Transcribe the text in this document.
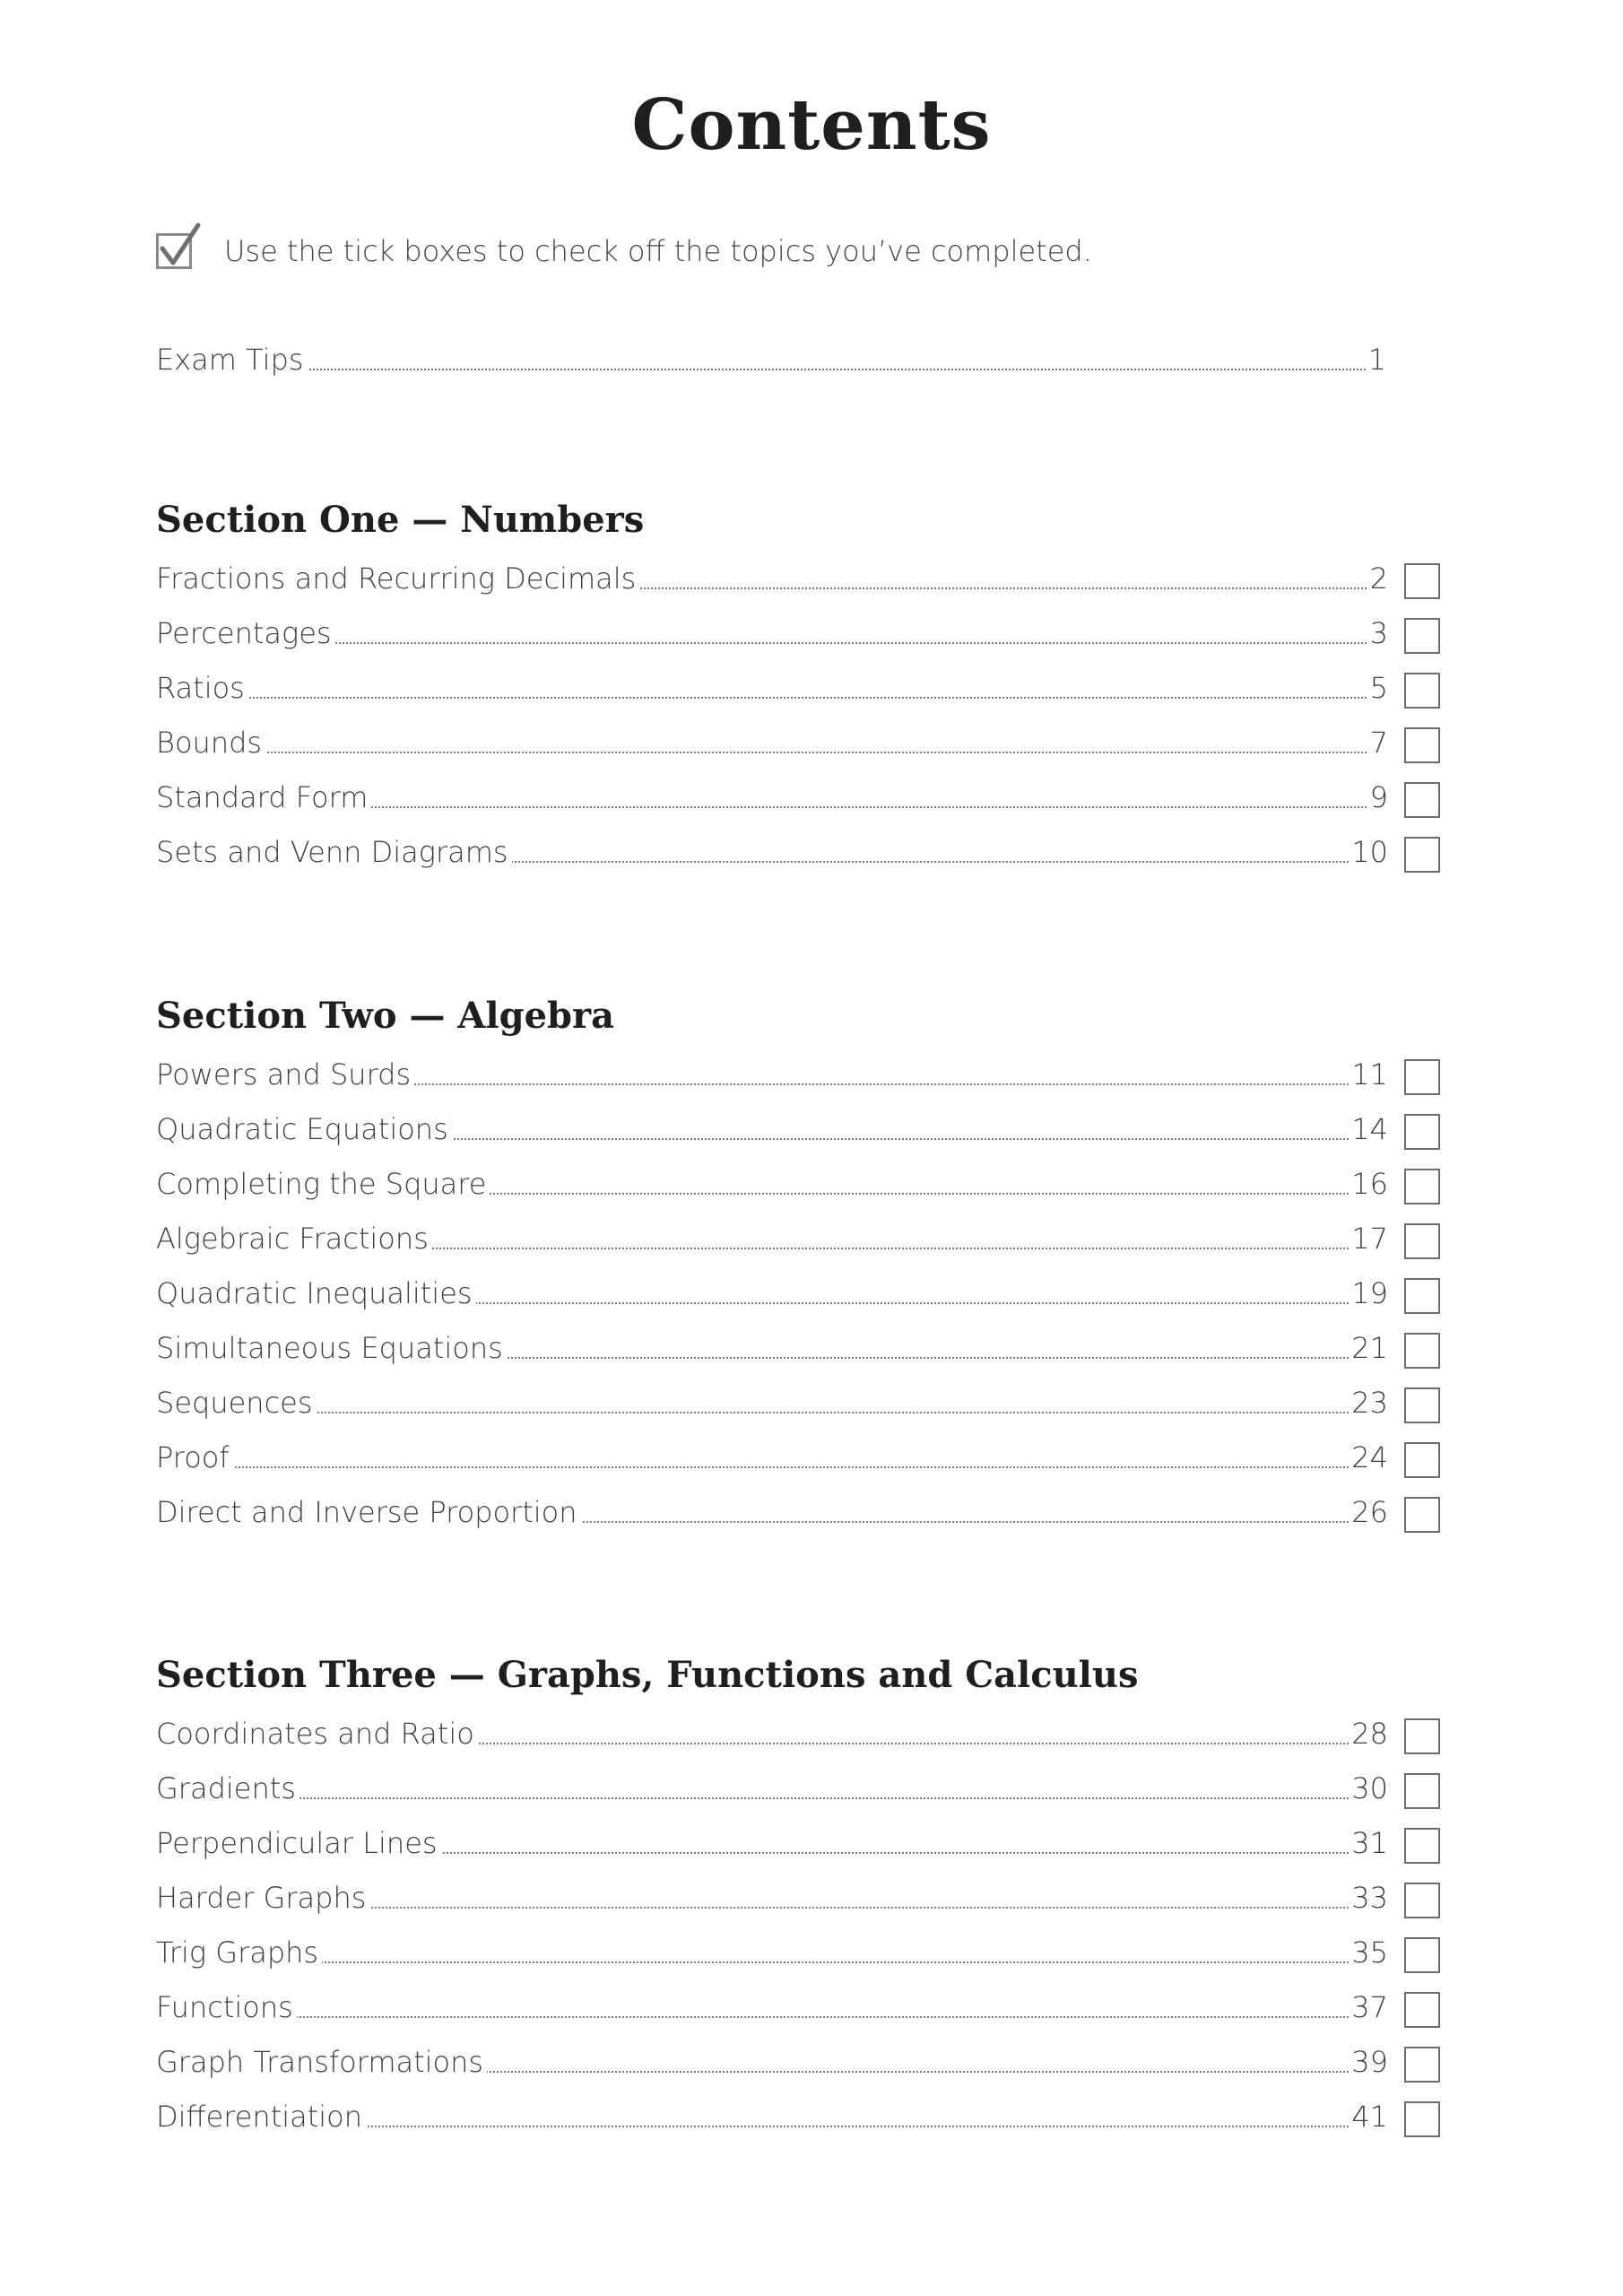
Contents
Use the tick boxes to check off the topics you’ve completed.
Exam Tips	1
Section One — Numbers
Fractions and Recurring Decimals	2
Percentages	3
Ratios	5
Bounds	7
Standard Form	9
Sets and Venn Diagrams	10
Section Two — Algebra
Powers and Surds	11
Quadratic Equations	14
Completing the Square	16
Algebraic Fractions	17
Quadratic Inequalities	19
Simultaneous Equations	21
Sequences	23
Proof	24
Direct and Inverse Proportion	26
Section Three — Graphs, Functions and Calculus
Coordinates and Ratio	28
Gradients	30
Perpendicular Lines	31
Harder Graphs	33
Trig Graphs	35
Functions	37
Graph Transformations	39
Differentiation	41
